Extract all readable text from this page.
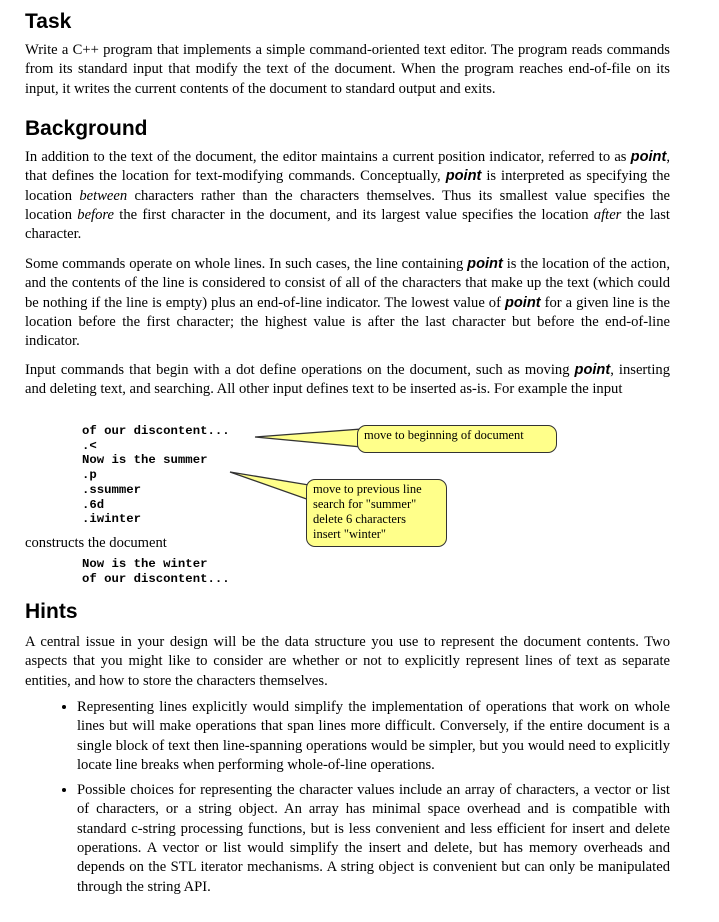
Task

Write a C++ program that implements a simple command-oriented text editor. The program reads commands from its standard input that modify the text of the document. When the program reaches end-of-file on its input, it writes the current contents of the document to standard output and exits.

Background

In addition to the text of the document, the editor maintains a current position indicator, referred to as point, that defines the location for text-modifying commands. Conceptually, point is interpreted as specifying the location between characters rather than the characters themselves. Thus its smallest value specifies the location before the first character in the document, and its largest value specifies the location after the last character.

Some commands operate on whole lines. In such cases, the line containing point is the location of the action, and the contents of the line is considered to consist of all of the characters that make up the text (which could be nothing if the line is empty) plus an end-of-line indicator. The lowest value of point for a given line is the location before the first character; the highest value is after the last character but before the end-of-line indicator.

Input commands that begin with a dot define operations on the document, such as moving point, inserting and deleting text, and searching. All other input defines text to be inserted as-is. For example the input

of our discontent...
.<
Now is the summer
.p
.ssummer
.6d
.iwinter
move to beginning of document
move to previous line
search for "summer"
delete 6 characters
insert "winter"

constructs the document

Now is the winter
of our discontent...
Hints

A central issue in your design will be the data structure you use to represent the document contents. Two aspects that you might like to consider are whether or not to explicitly represent lines of text as separate entities, and how to store the characters themselves.

• Representing lines explicitly would simplify the implementation of operations that work on whole lines but will make operations that span lines more difficult. Conversely, if the entire document is a single block of text then line-spanning operations would be simpler, but you would need to explicitly locate line breaks when performing whole-of-line operations.
• Possible choices for representing the character values include an array of characters, a vector or list of characters, or a string object. An array has minimal space overhead and is compatible with standard c-string processing functions, but is less convenient and less efficient for insert and delete operations. A vector or list would simplify the insert and delete, but has memory overheads and depends on the STL iterator mechanisms. A string object is convenient but can only be manipulated through the string API.
